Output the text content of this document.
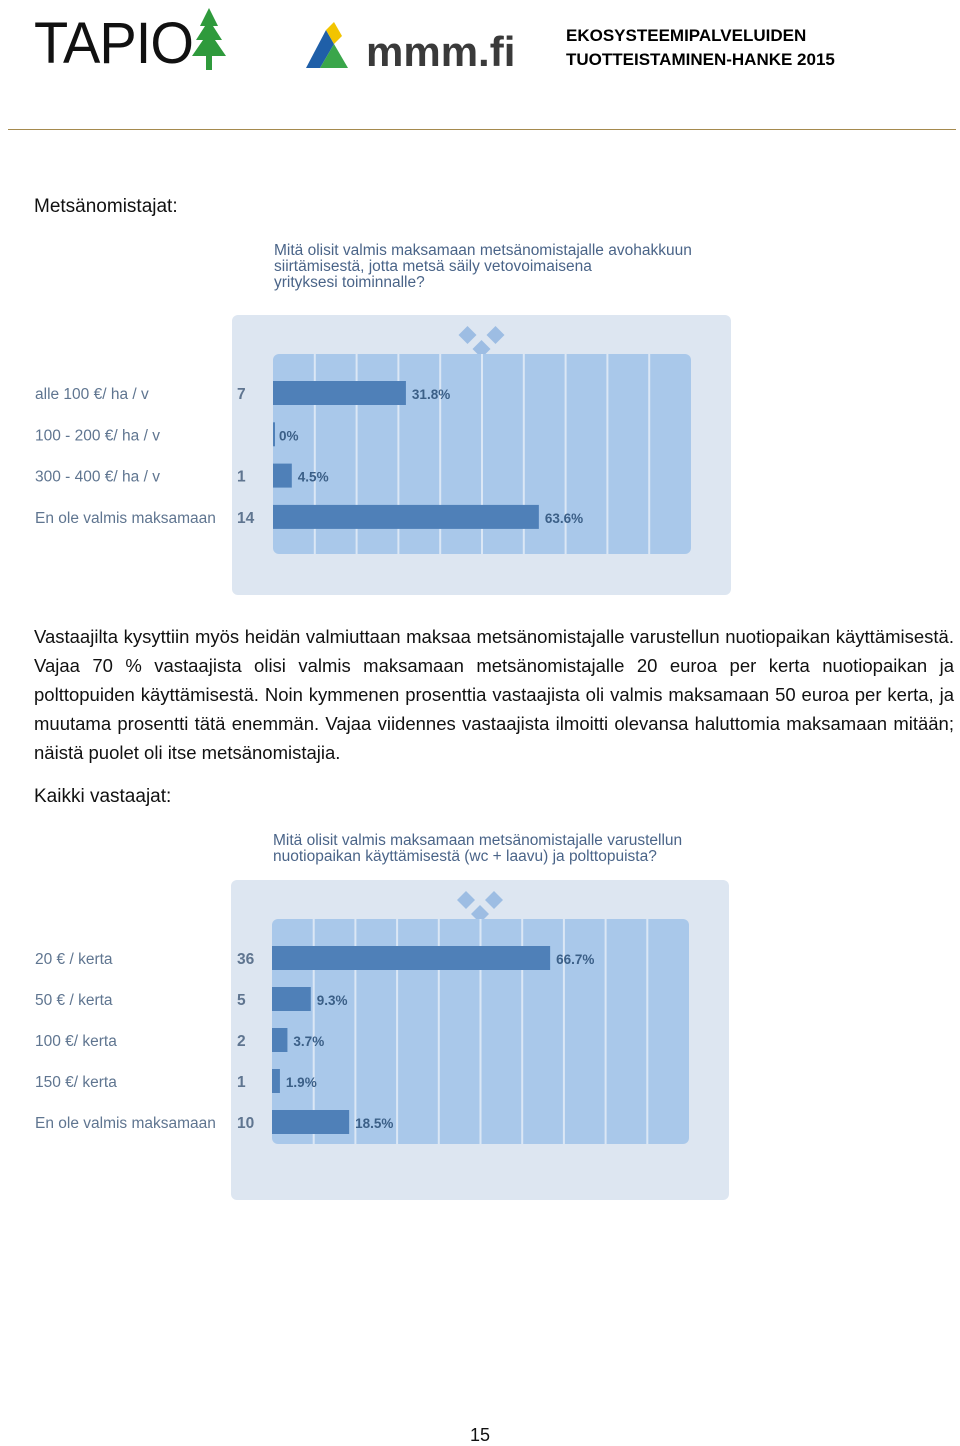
TAPIO	mmm.fi	EKOSYSTEEMIPALVELUIDEN
TUOTTEISTAMINEN-HANKE 2015
Metsänomistajat:
Mitä olisit valmis maksamaan metsänomistajalle avohakkuun
siirtämisestä, jotta metsä säily vetovoimaisena
yrityksesi toiminnalle?
alle 100 €/ ha / v	7	31.8%
100 - 200 €/ ha / v	0%
300 - 400 €/ ha / v	1	4.5%
En ole valmis maksamaan 14	63.6%
Vastaajilta kysyttiin myös heidän valmiuttaan maksaa metsänomistajalle varustellun nuotiopaikan käyttämisestä. Vajaa 70 % vastaajista olisi valmis maksamaan metsänomistajalle 20 euroa per kerta nuotiopaikan ja polttopuiden käyttämisestä. Noin kymmenen prosenttia vastaajista oli valmis maksamaan 50 euroa per kerta, ja muutama prosentti tätä enemmän. Vajaa viidennes vastaajista ilmoitti olevansa haluttomia maksamaan mitään; näistä puolet oli itse metsänomistajia.
Kaikki vastaajat:
Mitä olisit valmis maksamaan metsänomistajalle varustellun
nuotiopaikan käyttämisestä (wc + laavu) ja polttopuista?
20 € / kerta	36	66.7%
50 € / kerta	5	9.3%
100 €/ kerta	2	3.7%
150 €/ kerta	1	1.9%
En ole valmis maksamaan 10	18.5%
15
